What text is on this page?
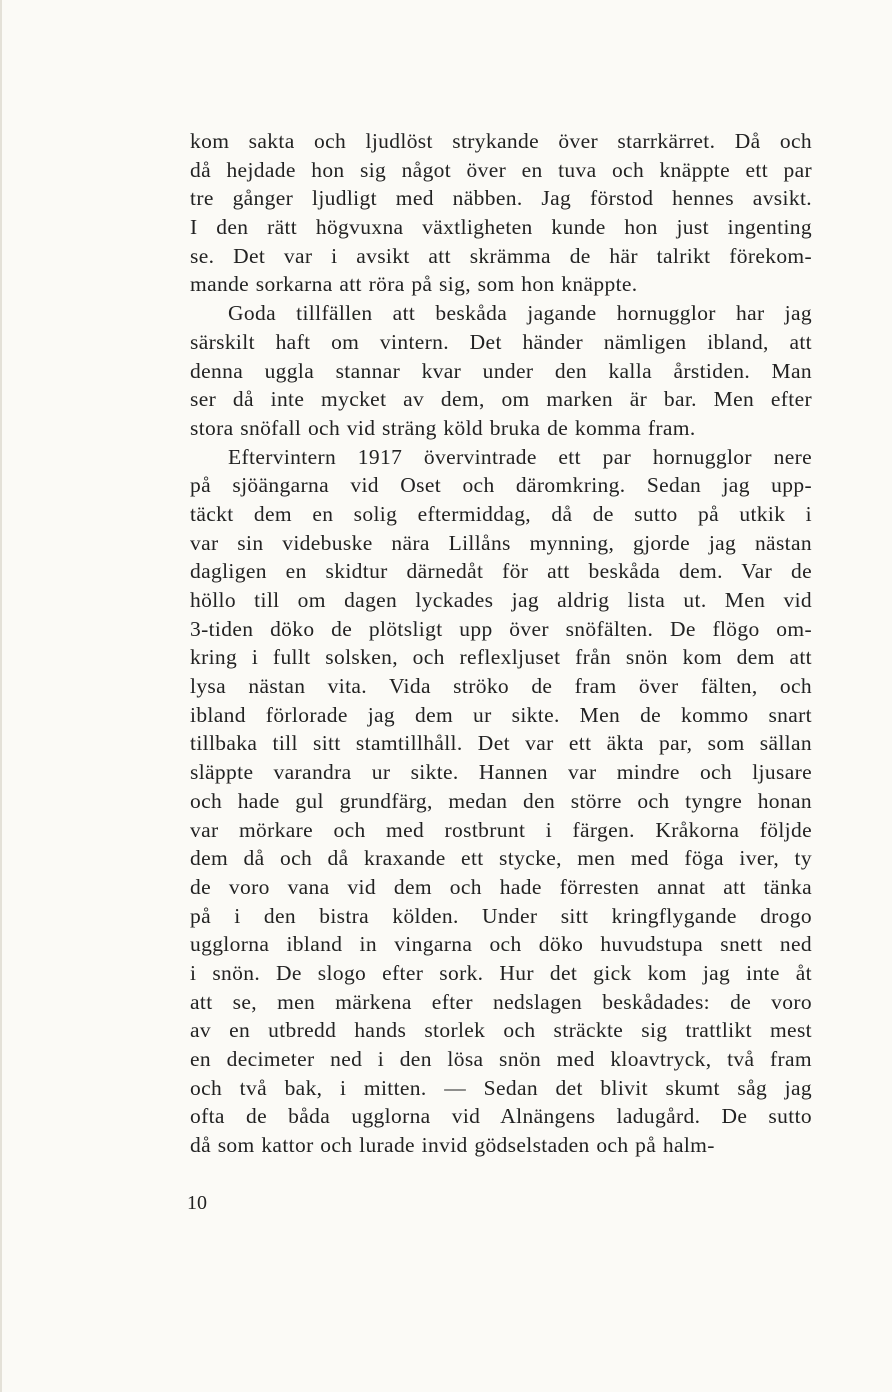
kom sakta och ljudlöst strykande över starrkärret. Då och
då hejdade hon sig något över en tuva och knäppte ett par
tre gånger ljudligt med näbben. Jag förstod hennes avsikt.
I den rätt högvuxna växtligheten kunde hon just ingenting
se. Det var i avsikt att skrämma de här talrikt förekom-
mande sorkarna att röra på sig, som hon knäppte.
Goda tillfällen att beskåda jagande hornugglor har jag
särskilt haft om vintern. Det händer nämligen ibland, att
denna uggla stannar kvar under den kalla årstiden. Man
ser då inte mycket av dem, om marken är bar. Men efter
stora snöfall och vid sträng köld bruka de komma fram.
Eftervintern 1917 övervintrade ett par hornugglor nere
på sjöängarna vid Oset och däromkring. Sedan jag upp-
täckt dem en solig eftermiddag, då de sutto på utkik i
var sin videbuske nära Lillåns mynning, gjorde jag nästan
dagligen en skidtur därnedåt för att beskåda dem. Var de
höllo till om dagen lyckades jag aldrig lista ut. Men vid
3-tiden döko de plötsligt upp över snöfälten. De flögo om-
kring i fullt solsken, och reflexljuset från snön kom dem att
lysa nästan vita. Vida strökо de fram över fälten, och
ibland förlorade jag dem ur sikte. Men de kommo snart
tillbaka till sitt stamtillhåll. Det var ett äkta par, som sällan
släppte varandra ur sikte. Hannen var mindre och ljusare
och hade gul grundfärg, medan den större och tyngre honan
var mörkare och med rostbrunt i färgen. Kråkorna följde
dem då och då kraxande ett stycke, men med föga iver, ty
de voro vana vid dem och hade förresten annat att tänka
på i den bistra kölden. Under sitt kringflygande drogo
ugglorna ibland in vingarna och döko huvudstupa snett ned
i snön. De slogo efter sork. Hur det gick kom jag inte åt
att se, men märkena efter nedslagen beskådades: de voro
av en utbredd hands storlek och sträckte sig trattlikt mest
en decimeter ned i den lösa snön med kloavtryck, två fram
och två bak, i mitten. — Sedan det blivit skumt såg jag
ofta de båda ugglorna vid Alnängens ladugård. De sutto
då som kattor och lurade invid gödselstaden och på halm-
10
